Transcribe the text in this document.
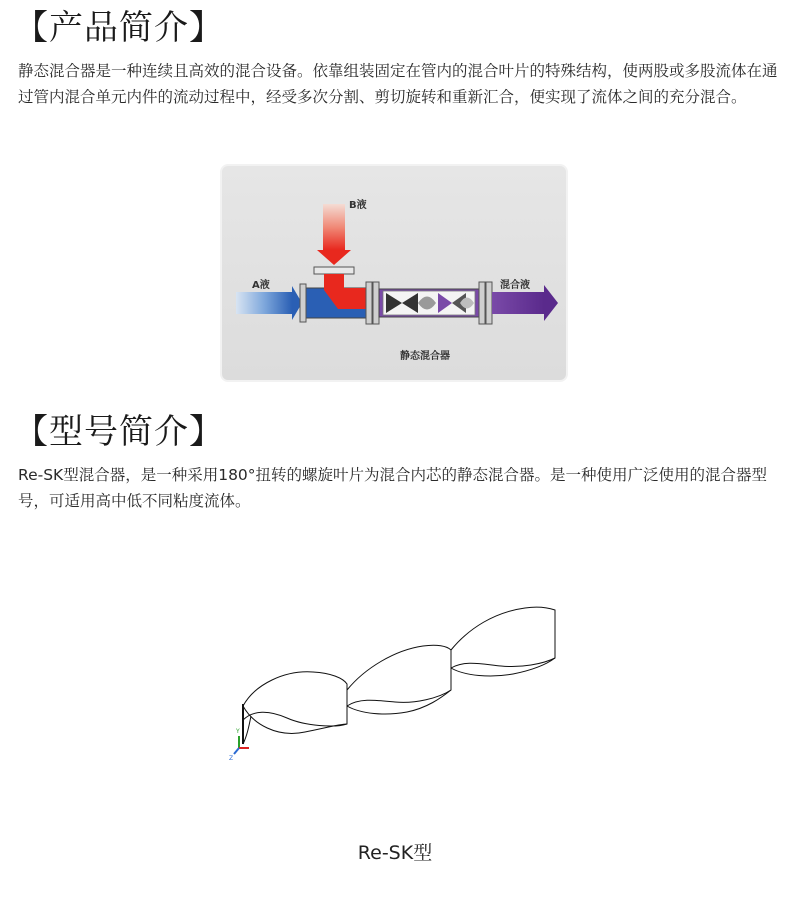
【产品简介】

静态混合器是一种连续且高效的混合设备。依靠组装固定在管内的混合叶片的特殊结构，使两股或多股流体在通过管内混合单元内件的流动过程中，经受多次分割、剪切旋转和重新汇合，便实现了流体之间的充分混合。

B液
A液	混合液
静态混合器
【型号简介】

Re-SK型混合器，是一种采用180°扭转的螺旋叶片为混合内芯的静态混合器。是一种使用广泛使用的混合器型号，可适用高中低不同粘度流体。

Y
Z
Re-SK型
